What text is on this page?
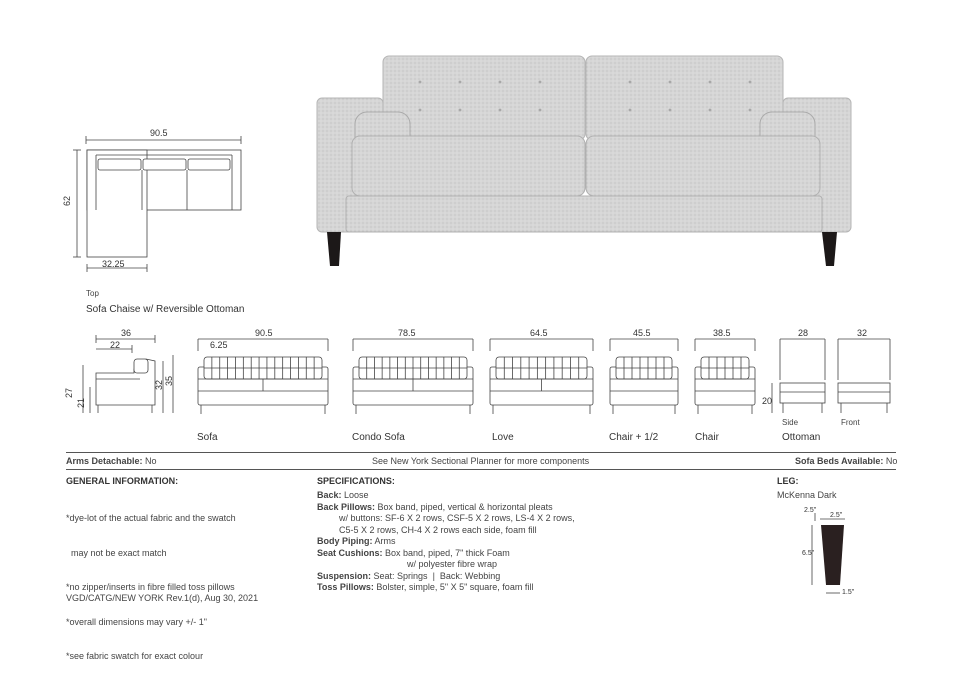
90.5
62
32.25
Top
Sofa Chaise w/ Reversible Ottoman
36
22
27
21
32 35
Sofa
90.5
6.25
Condo Sofa
78.5
Love
64.5
Chair + 1/2
45.5
Chair
38.5	28	32
20
Side	Front
Ottoman
Arms Detachable: No	See New York Sectional Planner for more components	Sofa Beds Available: No
GENERAL INFORMATION:

*dye-lot of the actual fabric and the swatch

may not be exact match

*no zipper/inserts in fibre filled toss pillows

*overall dimensions may vary +/- 1"

*see fabric swatch for exact colour

SPECIFICATIONS:
Back: Loose
Back Pillows: Box band, piped, vertical & horizontal pleats
w/ buttons: SF-6 X 2 rows, CSF-5 X 2 rows, LS-4 X 2 rows,
C5-5 X 2 rows, CH-4 X 2 rows each side, foam fill
Body Piping: Arms
Seat Cushions: Box band, piped, 7" thick Foam
w/ polyester fibre wrap
Suspension: Seat: Springs  |  Back: Webbing
Toss Pillows: Bolster, simple, 5" X 5" square, foam fill
LEG:
McKenna Dark
2.5"
2.5"
6.5"
1.5"
VGD/CATG/NEW YORK Rev.1(d), Aug 30, 2021
